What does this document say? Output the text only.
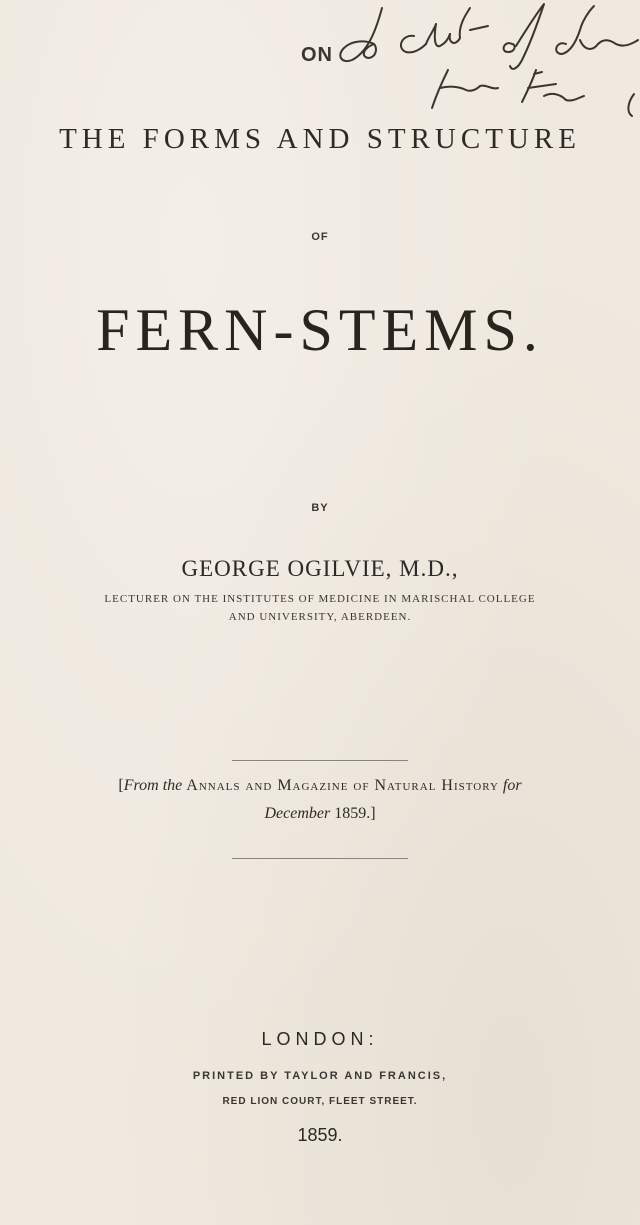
ON
THE FORMS AND STRUCTURE
OF
FERN-STEMS.
BY
GEORGE OGILVIE, M.D.,
LECTURER ON THE INSTITUTES OF MEDICINE IN MARISCHAL COLLEGE
AND UNIVERSITY, ABERDEEN.
[From the Annals and Magazine of Natural History for
December 1859.]
LONDON:
PRINTED BY TAYLOR AND FRANCIS,
RED LION COURT, FLEET STREET.
1859.
